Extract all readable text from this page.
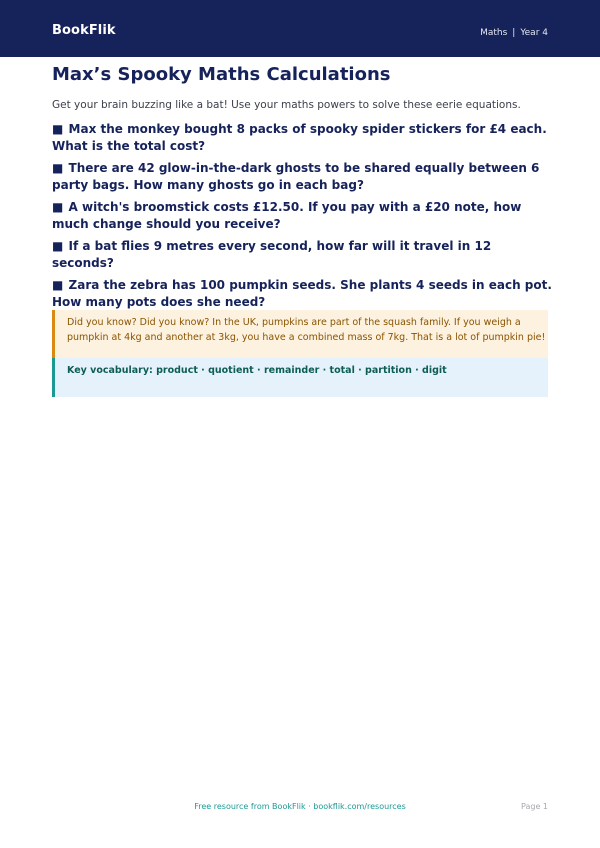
BookFlik	Maths | Year 4
Max’s Spooky Maths Calculations

Get your brain buzzing like a bat! Use your maths powers to solve these eerie equations.

■ Max the monkey bought 8 packs of spooky spider stickers for £4 each. What is the total cost?
■ There are 42 glow-in-the-dark ghosts to be shared equally between 6 party bags. How many ghosts go in each bag?
■ A witch's broomstick costs £12.50. If you pay with a £20 note, how much change should you receive?
■ If a bat flies 9 metres every second, how far will it travel in 12 seconds?
■ Zara the zebra has 100 pumpkin seeds. She plants 4 seeds in each pot. How many pots does she need?
Did you know? Did you know? In the UK, pumpkins are part of the squash family. If you weigh a pumpkin at 4kg and another at 3kg, you have a combined mass of 7kg. That is a lot of pumpkin pie!
Key vocabulary: product · quotient · remainder · total · partition · digit
Free resource from BookFlik · bookflik.com/resources	Page 1
